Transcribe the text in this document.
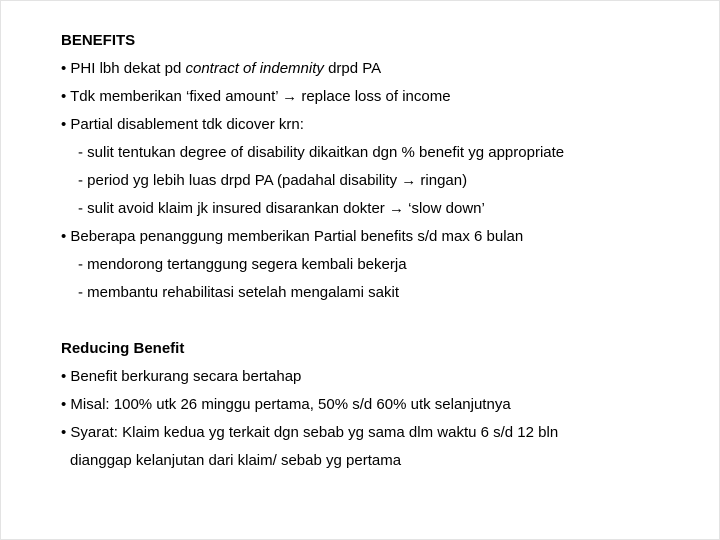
BENEFITS
• PHI lbh dekat pd contract of indemnity drpd PA
• Tdk memberikan ‘fixed amount’ → replace loss of income
• Partial disablement tdk dicover krn:
- sulit tentukan degree of disability dikaitkan dgn % benefit yg appropriate
- period yg lebih luas drpd PA (padahal disability → ringan)
- sulit avoid klaim jk insured disarankan dokter → ‘slow down’
• Beberapa penanggung memberikan Partial benefits s/d max 6 bulan
- mendorong tertanggung segera kembali bekerja
- membantu rehabilitasi setelah mengalami sakit
Reducing Benefit
• Benefit berkurang secara bertahap
• Misal: 100% utk 26 minggu pertama, 50% s/d 60% utk selanjutnya
• Syarat: Klaim kedua yg terkait dgn sebab yg sama dlm waktu 6 s/d 12 bln
dianggap kelanjutan dari klaim/ sebab yg pertama
